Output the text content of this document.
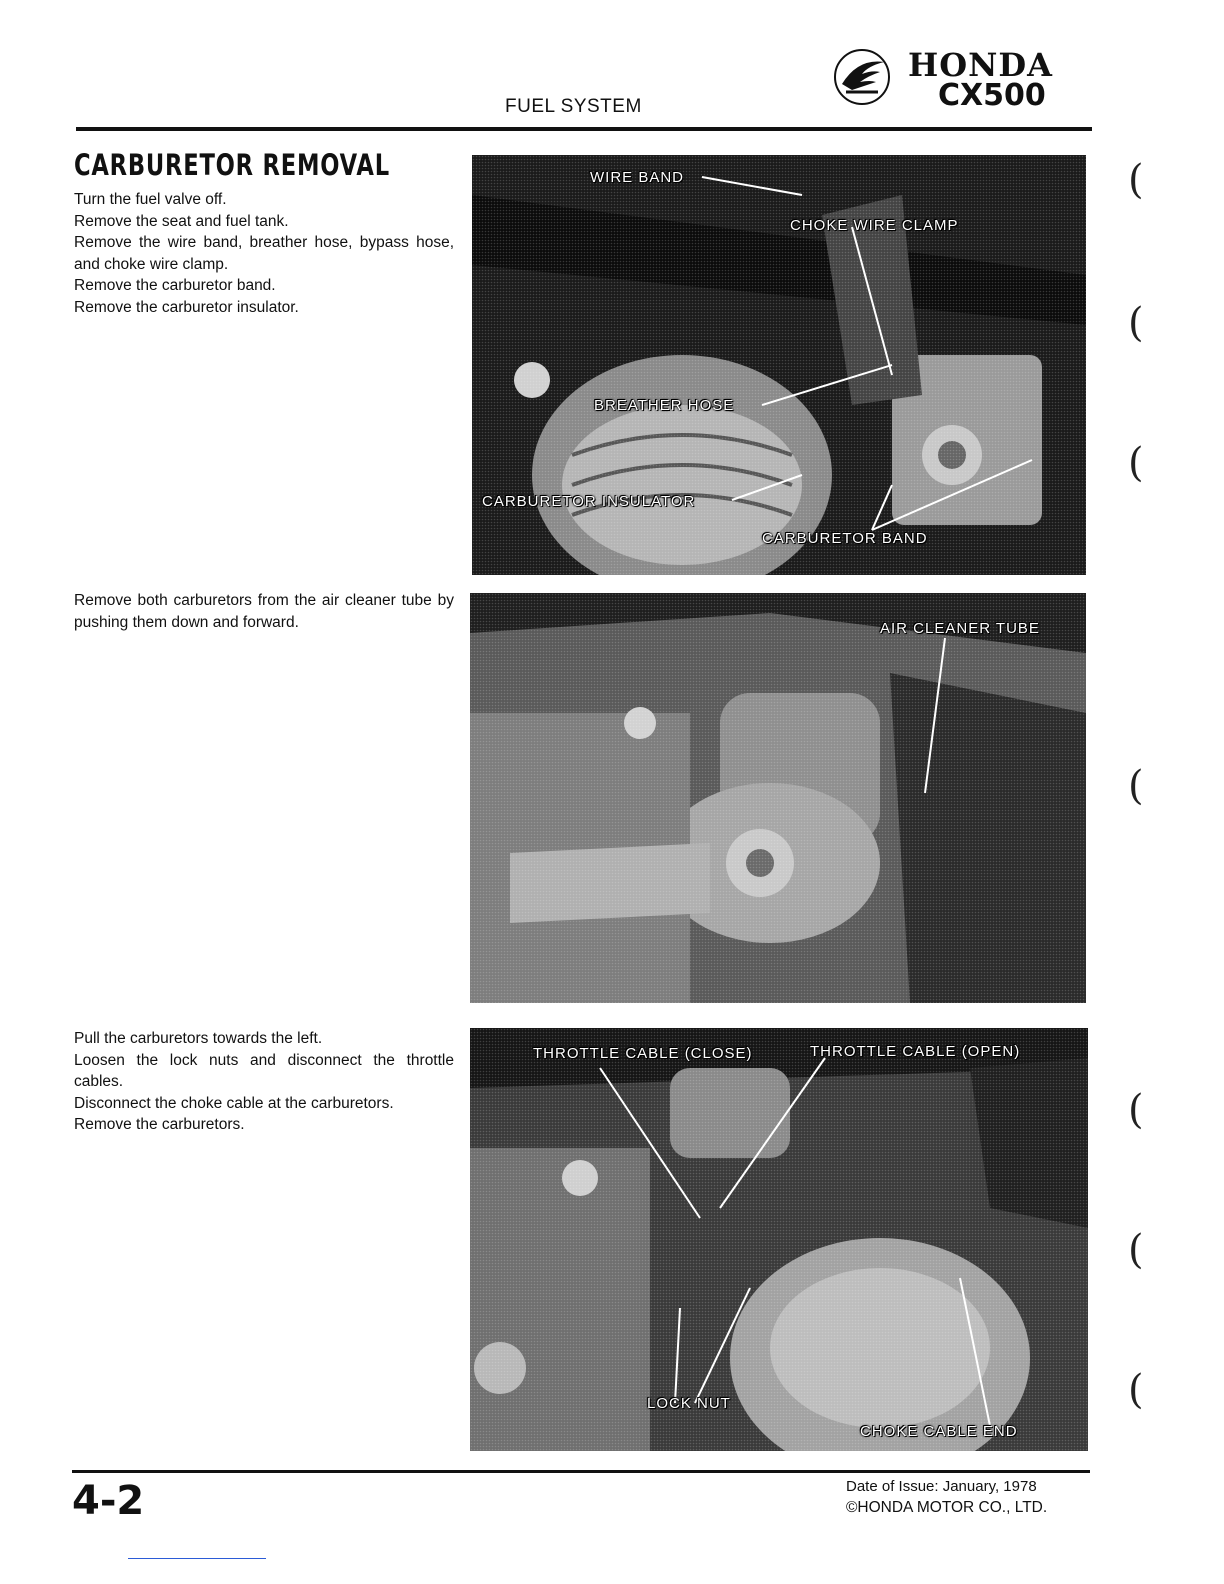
FUEL SYSTEM
HONDA
CX500
CARBURETOR REMOVAL

Turn the fuel valve off.

Remove the seat and fuel tank.

Remove the wire band, breather hose, bypass hose, and choke wire clamp.

Remove the carburetor band.

Remove the carburetor insulator.

WIRE BAND
CHOKE WIRE CLAMP
BREATHER HOSE
CARBURETOR INSULATOR
CARBURETOR BAND

Remove both carburetors from the air cleaner tube by pushing them down and forward.	AIR CLEANER TUBE

Pull the carburetors towards the left.

Loosen the lock nuts and disconnect the throttle cables.

Disconnect the choke cable at the carburetors.

Remove the carburetors.

THROTTLE CABLE (CLOSE)	THROTTLE CABLE (OPEN)
LOCK NUT
CHOKE CABLE END
(
(
(
(
(
(
(
4-2	Date of Issue: January, 1978
©HONDA MOTOR CO., LTD.
